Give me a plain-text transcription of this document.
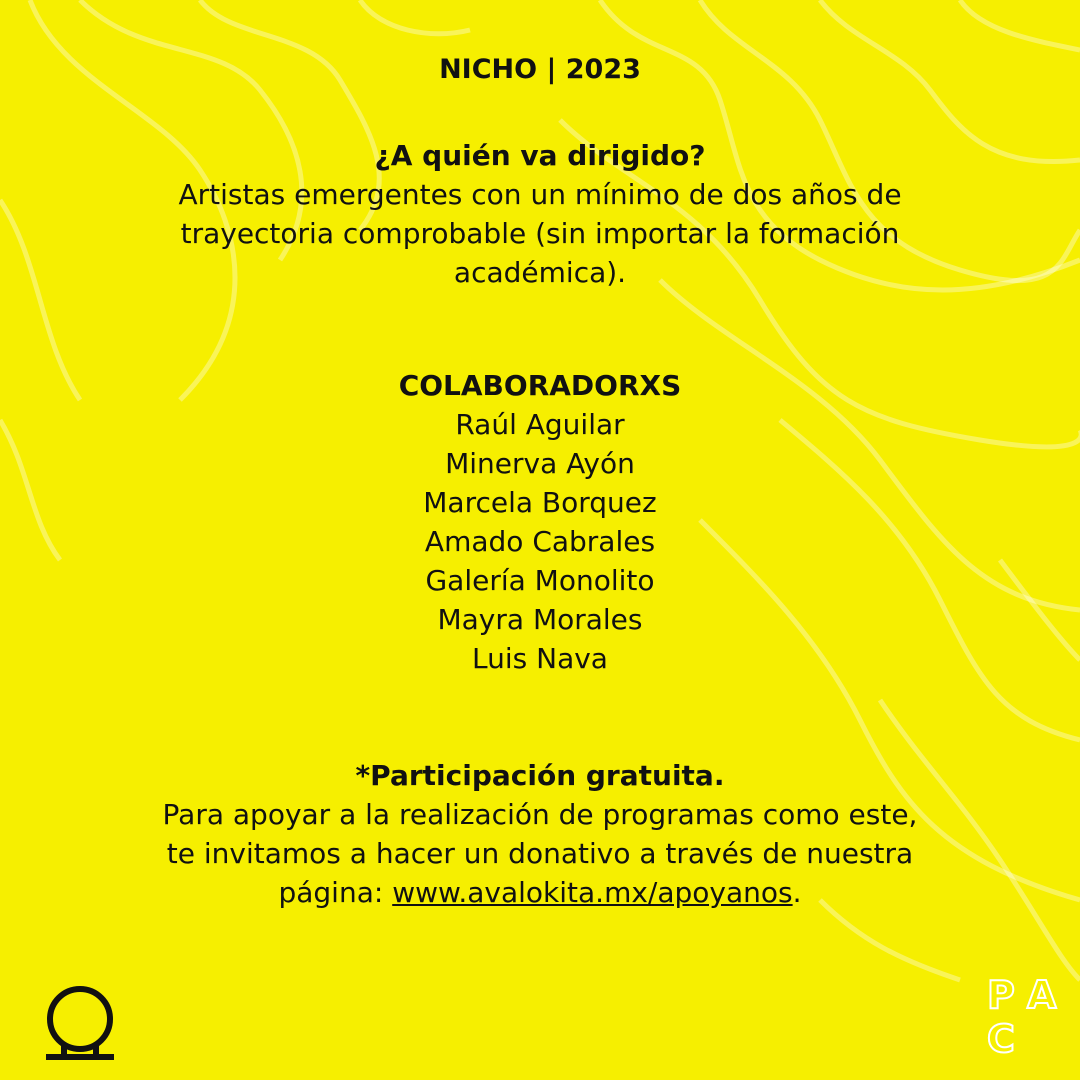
NICHO | 2023
¿A quién va dirigido?
Artistas emergentes con un mínimo de dos años de
trayectoria comprobable (sin importar la formación
académica).
COLABORADORXS
Raúl Aguilar
Minerva Ayón
Marcela Borquez
Amado Cabrales
Galería Monolito
Mayra Morales
Luis Nava
*Participación gratuita.
Para apoyar a la realización de programas como este,
te invitamos a hacer un donativo a través de nuestra
página: www.avalokita.mx/apoyanos.
P A
C
